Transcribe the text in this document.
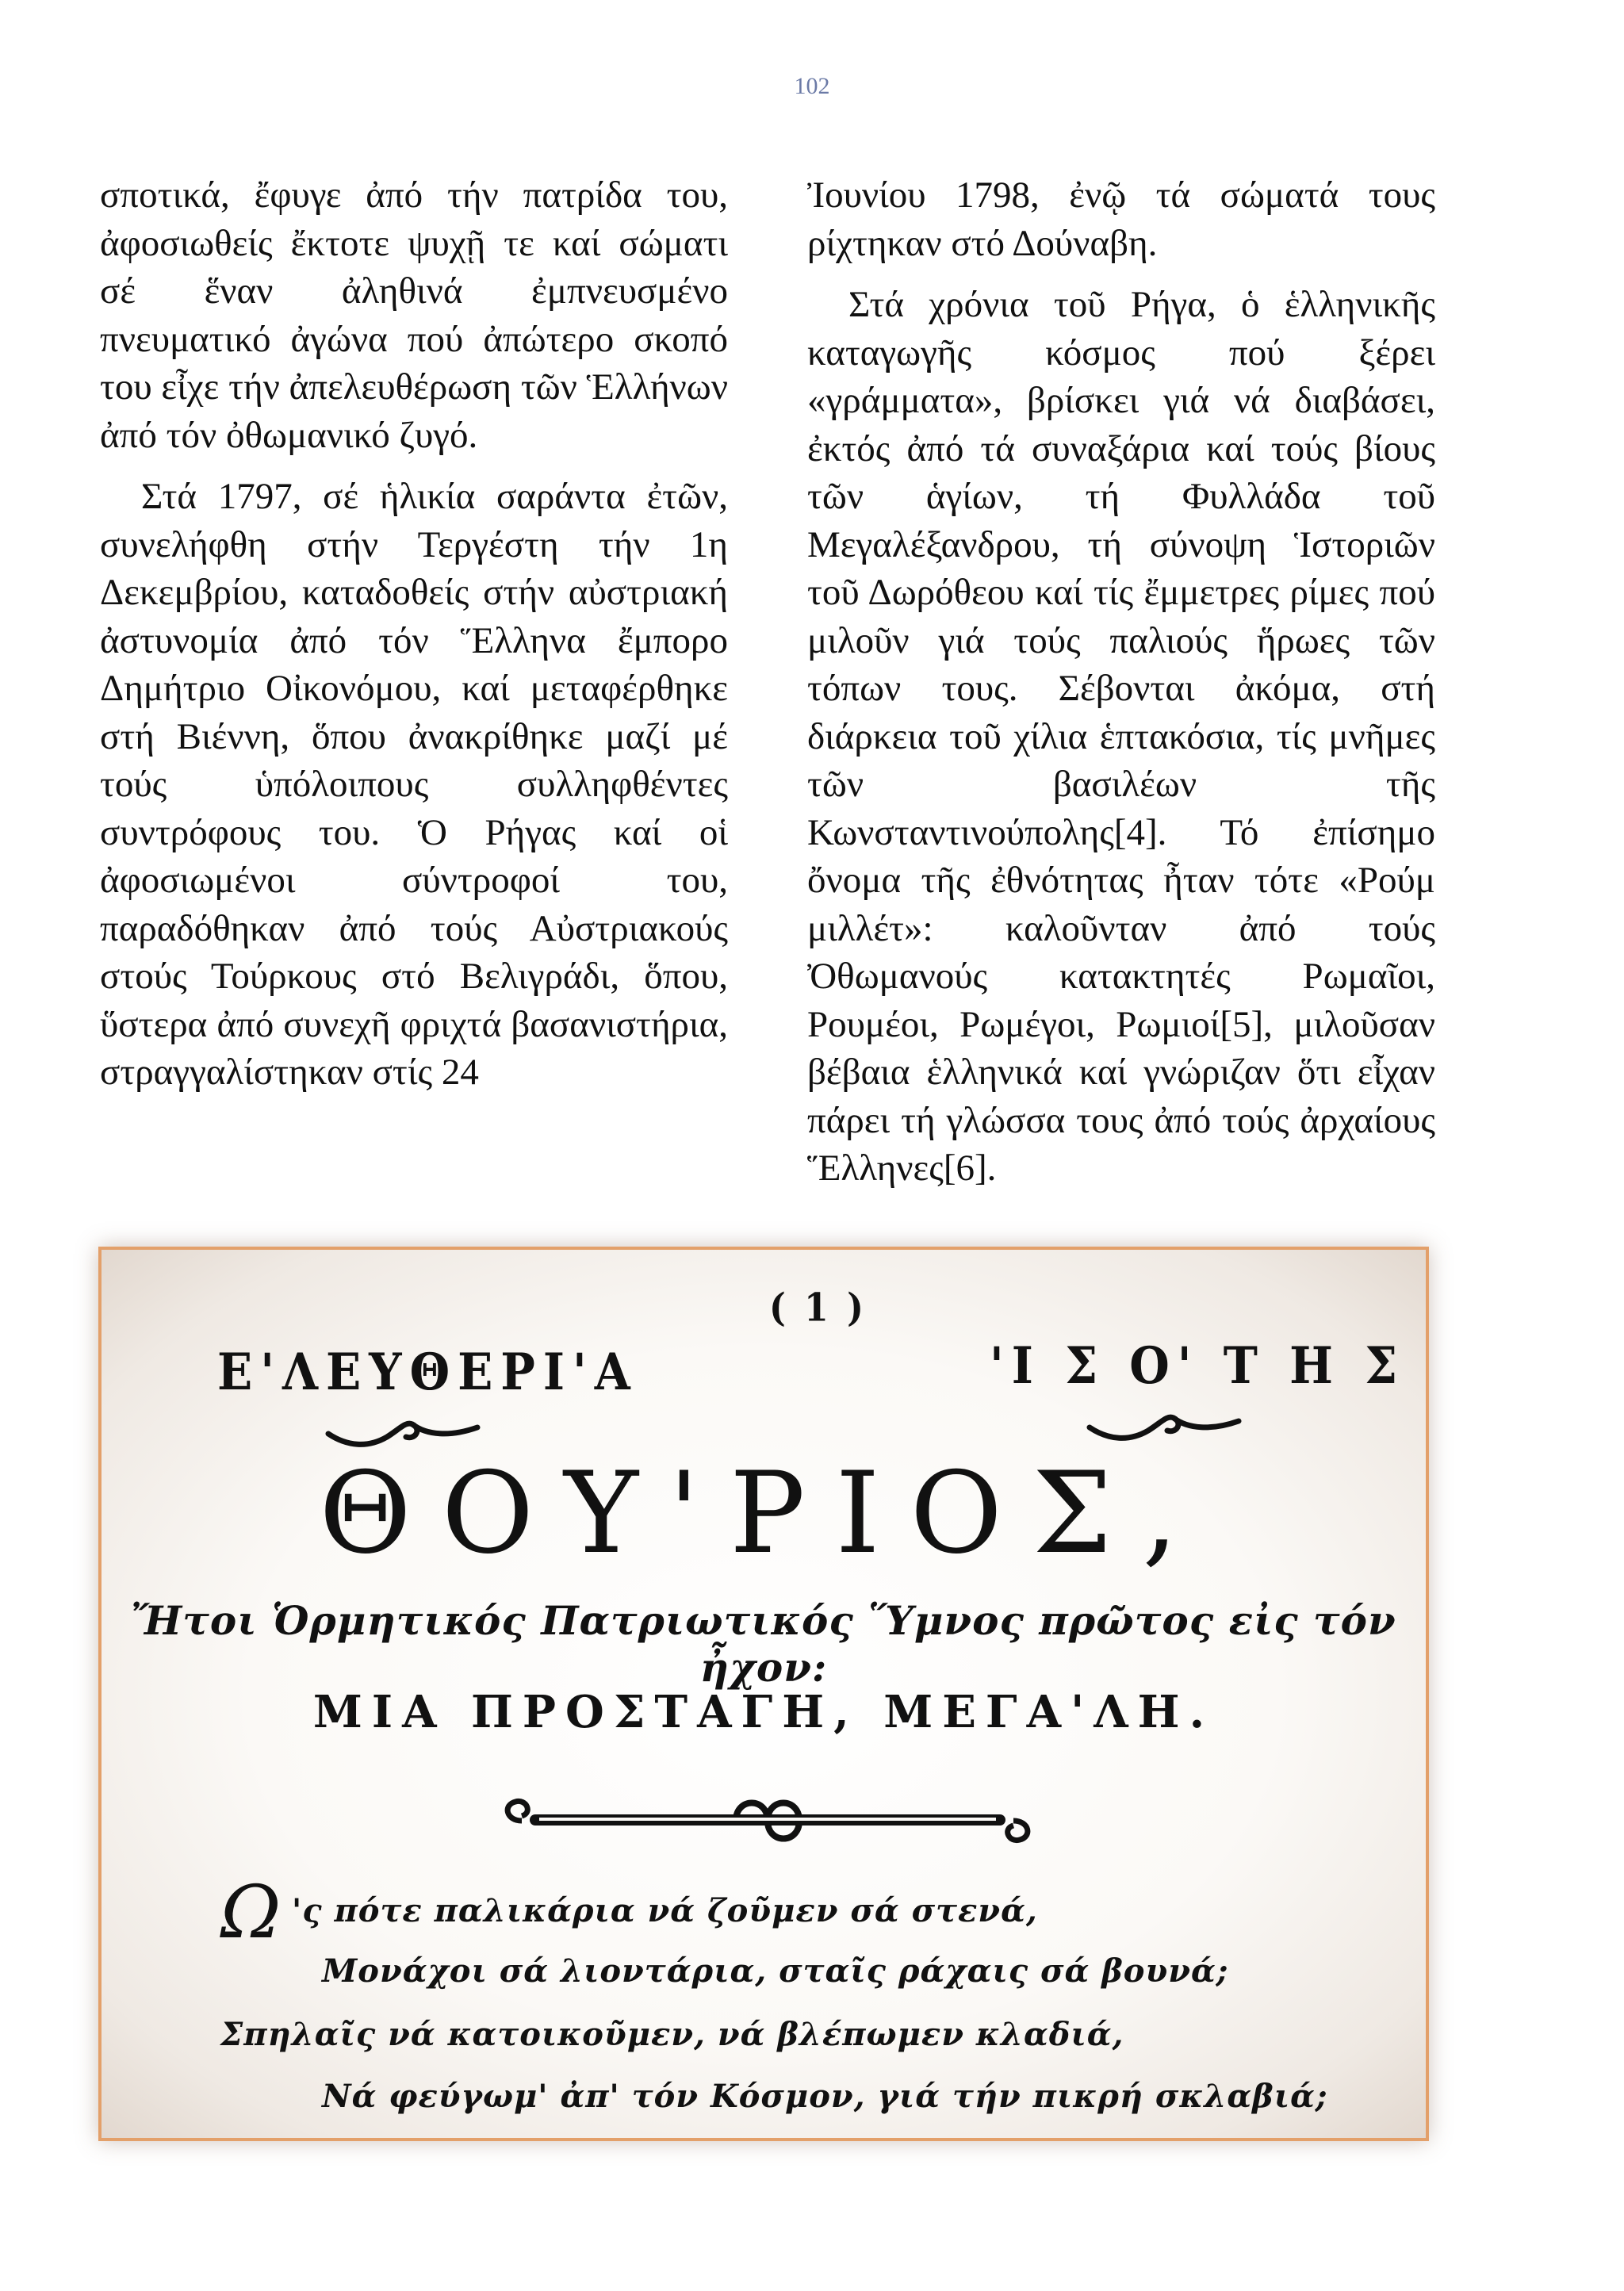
102

σποτικά, ἔφυγε ἀπό τήν πατρίδα του, ἀφοσιωθείς ἔκτοτε ψυχῇ τε καί σώματι σέ ἕναν ἀληθινά ἐμπνευσμένο πνευματικό ἀγώνα πού ἀπώτερο σκοπό του εἶχε τήν ἀπελευθέρωση τῶν Ἑλλήνων ἀπό τόν ὀθωμανικό ζυγό.

Στά 1797, σέ ἡλικία σαράντα ἐτῶν, συνελήφθη στήν Τεργέστη τήν 1η Δεκεμβρίου, καταδοθείς στήν αὐστριακή ἀστυνομία ἀπό τόν Ἕλληνα ἔμπορο Δημήτριο Οἰκονόμου, καί μεταφέρθηκε στή Βιέννη, ὅπου ἀνακρίθηκε μαζί μέ τούς ὑπόλοιπους συλληφθέντες συντρόφους του. Ὁ Ρήγας καί οἱ ἀφοσιωμένοι σύντροφοί του, παραδόθηκαν ἀπό τούς Αὐστριακούς στούς Τούρκους στό Βελιγράδι, ὅπου, ὕστερα ἀπό συνεχῆ φριχτά βασανιστήρια, στραγγαλίστηκαν στίς 24

Ἰουνίου 1798, ἐνῷ τά σώματά τους ρίχτηκαν στό Δούναβη.

Στά χρόνια τοῦ Ρήγα, ὁ ἑλληνικῆς καταγωγῆς κόσμος πού ξέρει «γράμματα», βρίσκει γιά νά διαβάσει, ἐκτός ἀπό τά συναξάρια καί τούς βίους τῶν ἁγίων, τή Φυλλάδα τοῦ Μεγαλέξανδρου, τή σύνοψη Ἱστοριῶν τοῦ Δωρόθεου καί τίς ἔμμετρες ρίμες πού μιλοῦν γιά τούς παλιούς ἥρωες τῶν τόπων τους. Σέβονται ἀκόμα, στή διάρκεια τοῦ χίλια ἑπτακόσια, τίς μνῆμες τῶν βασιλέων τῆς Κωνσταντινούπολης[4]. Τό ἐπίσημο ὄνομα τῆς ἐθνότητας ἦταν τότε «Ρούμ μιλλέτ»: καλοῦνταν ἀπό τούς Ὀθωμανούς κατακτητές Ρωμαῖοι, Ρουμέοι, Ρωμέγοι, Ρωμιοί[5], μιλοῦσαν βέβαια ἑλληνικά καί γνώριζαν ὅτι εἶχαν πάρει τή γλώσσα τους ἀπό τούς ἀρχαίους Ἕλληνες[6].

( 1 )
Ε'ΛΕΥΘΕΡΙ'Α	'Ι Σ Ο' Τ Η Σ
ΘΟΥ'ΡΙΟΣ,
Ἤτοι Ὁρμητικός Πατριωτικός Ὕμνος πρῶτος εἰς τόν ἦχον:
ΜΙΑ ΠΡΟΣΤΑΓΗ, ΜΕΓΑ'ΛΗ.
Ω 'ς πότε παλικάρια νά ζοῦμεν σά στενά,
Μονάχοι σά λιοντάρια, σταῖς ράχαις σά βουνά;
Σπηλαῖς νά κατοικοῦμεν, νά βλέπωμεν κλαδιά,
Νά φεύγωμ' ἀπ' τόν Κόσμον, γιά τήν πικρή σκλαβιά;
